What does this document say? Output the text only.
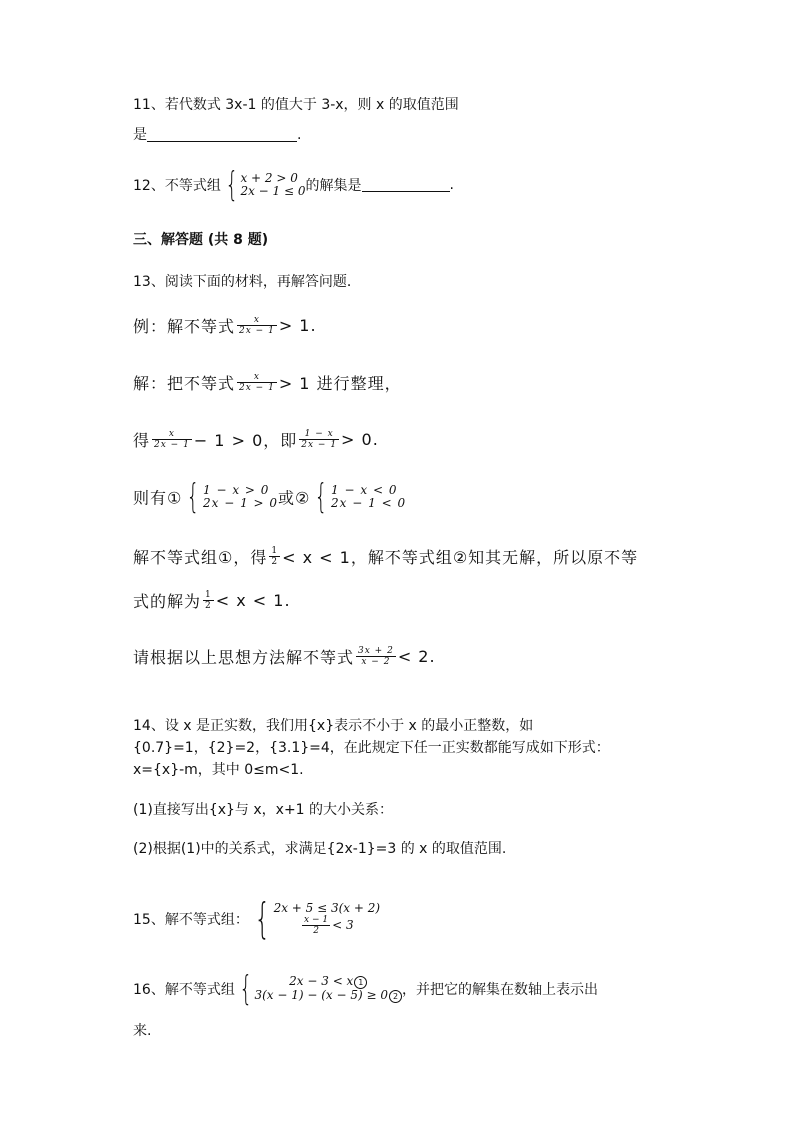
11、若代数式 3x-1 的值大于 3-x，则 x 的取值范围
是	.
12、不等式组 { x + 2 > 0
2x − 1 ≤ 0 的解集是	.
三、解答题 (共 8 题)
13、阅读下面的材料，再解答问题．
例：解不等式 $\frac{x}{2x - 1} > 1$.
解：把不等式 $\frac{x}{2x - 1} > 1$ 进行整理，
得 $\frac{x}{2x - 1} - 1 > 0$，即 $\frac{1 - x}{2x - 1} > 0$.
则有① { 1 − x > 0
2x − 1 > 0 或② { 1 − x < 0
2x − 1 < 0
解不等式组①，得 $\frac{1}{2} < x < 1$，解不等式组②知其无解，所以原不等
式的解为 $\frac{1}{2} < x < 1$.
请根据以上思想方法解不等式 $\frac{3x + 2}{x - 2} < 2$.
14、设 x 是正实数，我们用{x}表示不小于 x 的最小正整数，如
{0.7}=1，{2}=2，{3.1}=4，在此规定下任一正实数都能写成如下形式：
x={x}-m，其中 0≤m<1.
(1)直接写出{x}与 x，x+1 的大小关系：
(2)根据(1)中的关系式，求满足{2x-1}=3 的 x 的取值范围.
15、解不等式组： { 2x + 5 ≤ 3(x + 2)
$\frac{x - 1}{2} < 3$
16、解不等式组 {	2x − 3 < x 1
3(x − 1) − (x − 5) ≥ 0 2 ，并把它的解集在数轴上表示出
来.
